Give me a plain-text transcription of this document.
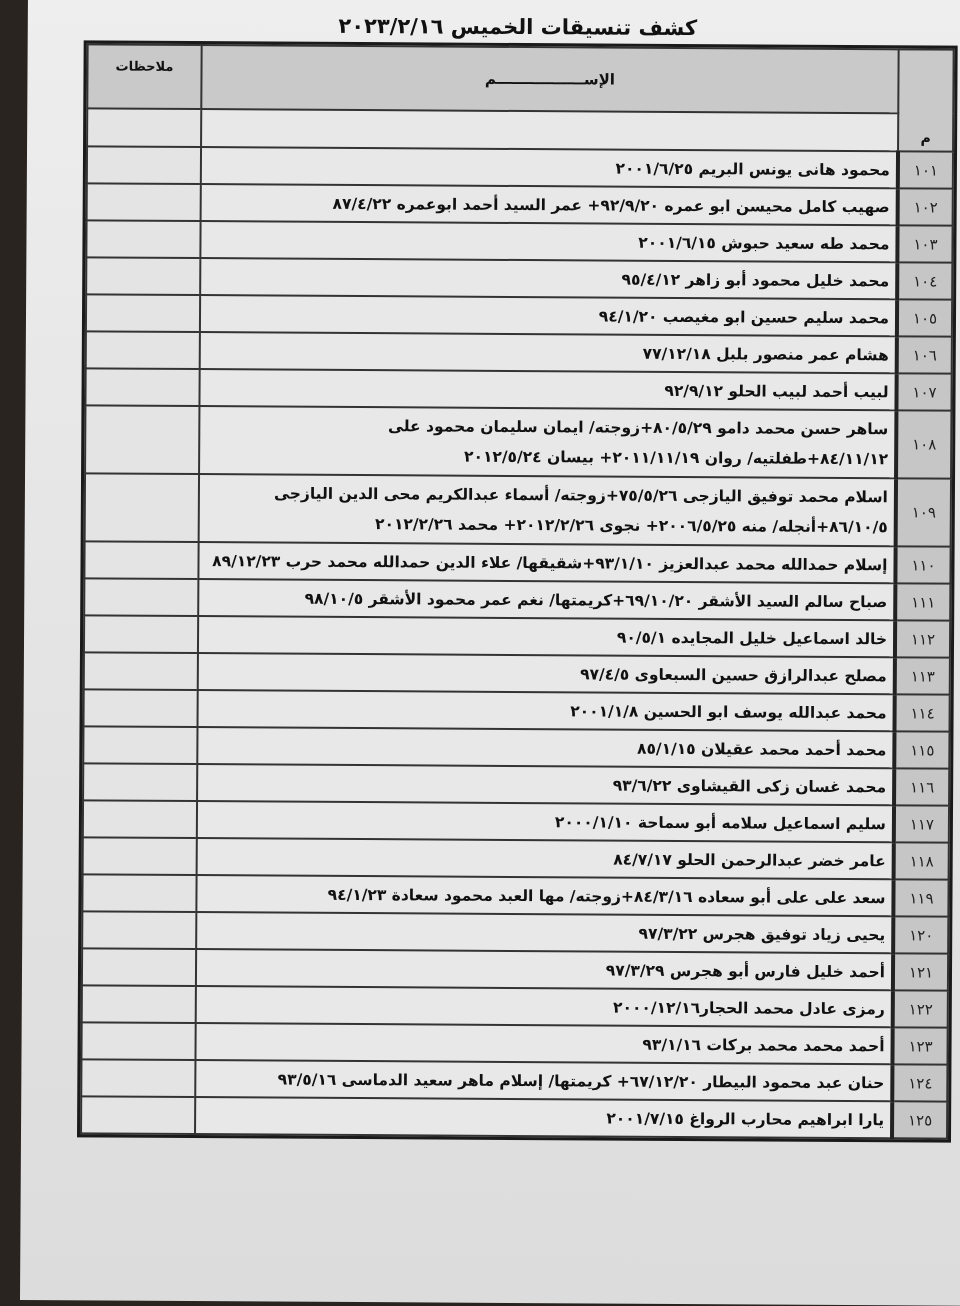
كشف تنسيقات الخميس ٢٠٢٣/٢/١٦
م	الإســـــــــــــــــم	ملاحظات

١٠١	محمود هانى يونس البريم ٢٠٠١/٦/٢٥	

١٠٢	صهيب كامل محيسن ابو عمره ٩٢/٩/٢٠+ عمر السيد أحمد ابوعمره ٨٧/٤/٢٢	

١٠٣	محمد طه سعيد حبوش ٢٠٠١/٦/١٥	

١٠٤	محمد خليل محمود أبو زاهر ٩٥/٤/١٢	

١٠٥	محمد سليم حسين ابو مغيصب ٩٤/١/٢٠	

١٠٦	هشام عمر منصور بلبل ٧٧/١٢/١٨	

١٠٧	لبيب أحمد لبيب الحلو ٩٢/٩/١٢	

١٠٨	ساهر حسن محمد دامو ٨٠/٥/٢٩+زوجته/ ايمان سليمان محمود على
٨٤/١١/١٢+طفلتيه/ روان ٢٠١١/١١/١٩+ بيسان ٢٠١٢/٥/٢٤	

١٠٩	اسلام محمد توفيق اليازجى ٧٥/٥/٢٦+زوجته/ أسماء عبدالكريم محى الدين اليازجى
٨٦/١٠/٥+أنجله/ منه ٢٠٠٦/٥/٢٥+ نجوى ٢٠١٢/٢/٢٦+ محمد ٢٠١٢/٢/٢٦	

١١٠	إسلام حمدالله محمد عبدالعزيز ٩٣/١/١٠+شقيقها/ علاء الدين حمدالله محمد حرب ٨٩/١٢/٢٣	

١١١	صباح سالم السيد الأشقر ٦٩/١٠/٢٠+كريمتها/ نغم عمر محمود الأشقر ٩٨/١٠/٥	

١١٢	خالد اسماعيل خليل المجايده ٩٠/٥/١	

١١٣	مصلح عبدالرازق حسين السبعاوى ٩٧/٤/٥	

١١٤	محمد عبدالله يوسف ابو الحسين ٢٠٠١/١/٨	

١١٥	محمد أحمد محمد عقيلان ٨٥/١/١٥	

١١٦	محمد غسان زكى القيشاوى ٩٣/٦/٢٢	

١١٧	سليم اسماعيل سلامه أبو سماحة ٢٠٠٠/١/١٠	

١١٨	عامر خضر عبدالرحمن الحلو ٨٤/٧/١٧	

١١٩	سعد على على أبو سعاده ٨٤/٣/١٦+زوجته/ مها العبد محمود سعادة ٩٤/١/٢٣	

١٢٠	يحيى زياد توفيق هجرس ٩٧/٣/٢٢	

١٢١	أحمد خليل فارس أبو هجرس ٩٧/٣/٢٩	

١٢٢	رمزى عادل محمد الحجار٢٠٠٠/١٢/١٦	

١٢٣	أحمد محمد محمد بركات ٩٣/١/١٦	

١٢٤	حنان عبد محمود البيطار ٦٧/١٢/٢٠+ كريمتها/ إسلام ماهر سعيد الدماسى ٩٣/٥/١٦	

١٢٥	يارا ابراهيم محارب الرواغ ٢٠٠١/٧/١٥	
